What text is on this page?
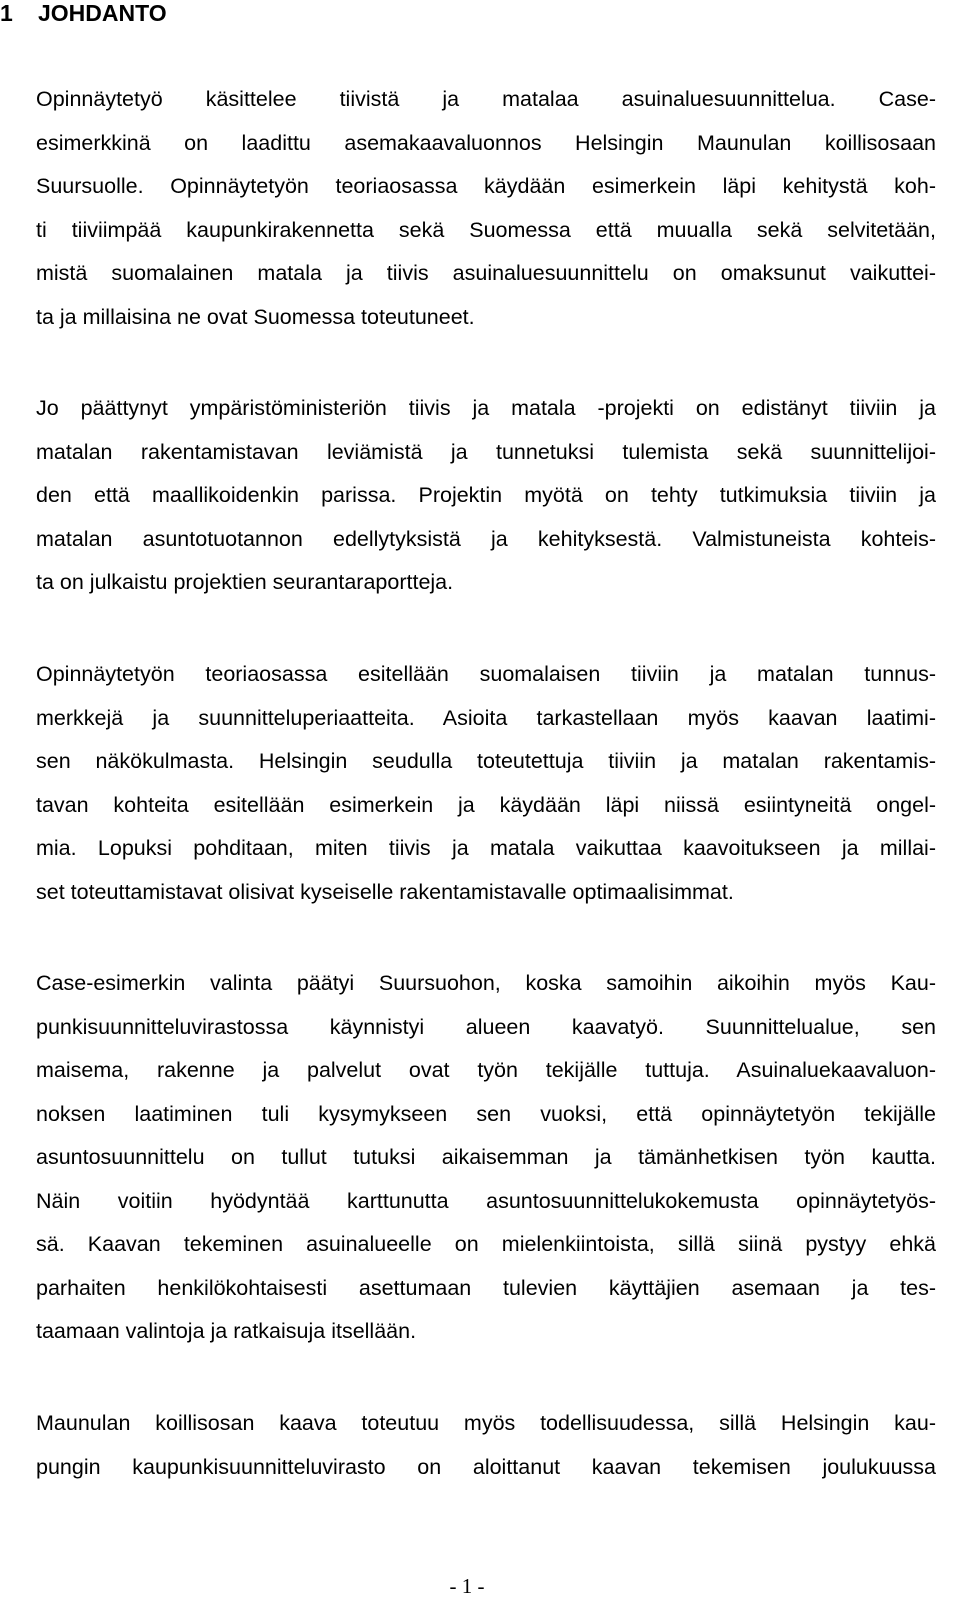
1 JOHDANTO

Opinnäytetyö käsittelee tiivistä ja matalaa asuinaluesuunnittelua. Case-
esimerkkinä on laadittu asemakaavaluonnos Helsingin Maunulan koillisosaan
Suursuolle. Opinnäytetyön teoriaosassa käydään esimerkein läpi kehitystä koh-
ti tiiviimpää kaupunkirakennetta sekä Suomessa että muualla sekä selvitetään,
mistä suomalainen matala ja tiivis asuinaluesuunnittelu on omaksunut vaikuttei-
ta ja millaisina ne ovat Suomessa toteutuneet.

Jo päättynyt ympäristöministeriön tiivis ja matala -projekti on edistänyt tiiviin ja
matalan rakentamistavan leviämistä ja tunnetuksi tulemista sekä suunnittelijoi-
den että maallikoidenkin parissa. Projektin myötä on tehty tutkimuksia tiiviin ja
matalan asuntotuotannon edellytyksistä ja kehityksestä. Valmistuneista kohteis-
ta on julkaistu projektien seurantaraportteja.

Opinnäytetyön teoriaosassa esitellään suomalaisen tiiviin ja matalan tunnus-
merkkejä ja suunnitteluperiaatteita. Asioita tarkastellaan myös kaavan laatimi-
sen näkökulmasta. Helsingin seudulla toteutettuja tiiviin ja matalan rakentamis-
tavan kohteita esitellään esimerkein ja käydään läpi niissä esiintyneitä ongel-
mia. Lopuksi pohditaan, miten tiivis ja matala vaikuttaa kaavoitukseen ja millai-
set toteuttamistavat olisivat kyseiselle rakentamistavalle optimaalisimmat.

Case-esimerkin valinta päätyi Suursuohon, koska samoihin aikoihin myös Kau-
punkisuunnitteluvirastossa käynnistyi alueen kaavatyö. Suunnittelualue, sen
maisema, rakenne ja palvelut ovat työn tekijälle tuttuja. Asuinaluekaavaluon-
noksen laatiminen tuli kysymykseen sen vuoksi, että opinnäytetyön tekijälle
asuntosuunnittelu on tullut tutuksi aikaisemman ja tämänhetkisen työn kautta.
Näin voitiin hyödyntää karttunutta asuntosuunnittelukokemusta opinnäytetyös-
sä. Kaavan tekeminen asuinalueelle on mielenkiintoista, sillä siinä pystyy ehkä
parhaiten henkilökohtaisesti asettumaan tulevien käyttäjien asemaan ja tes-
taamaan valintoja ja ratkaisuja itsellään.

Maunulan koillisosan kaava toteutuu myös todellisuudessa, sillä Helsingin kau-
pungin kaupunkisuunnitteluvirasto on aloittanut kaavan tekemisen joulukuussa

- 1 -
